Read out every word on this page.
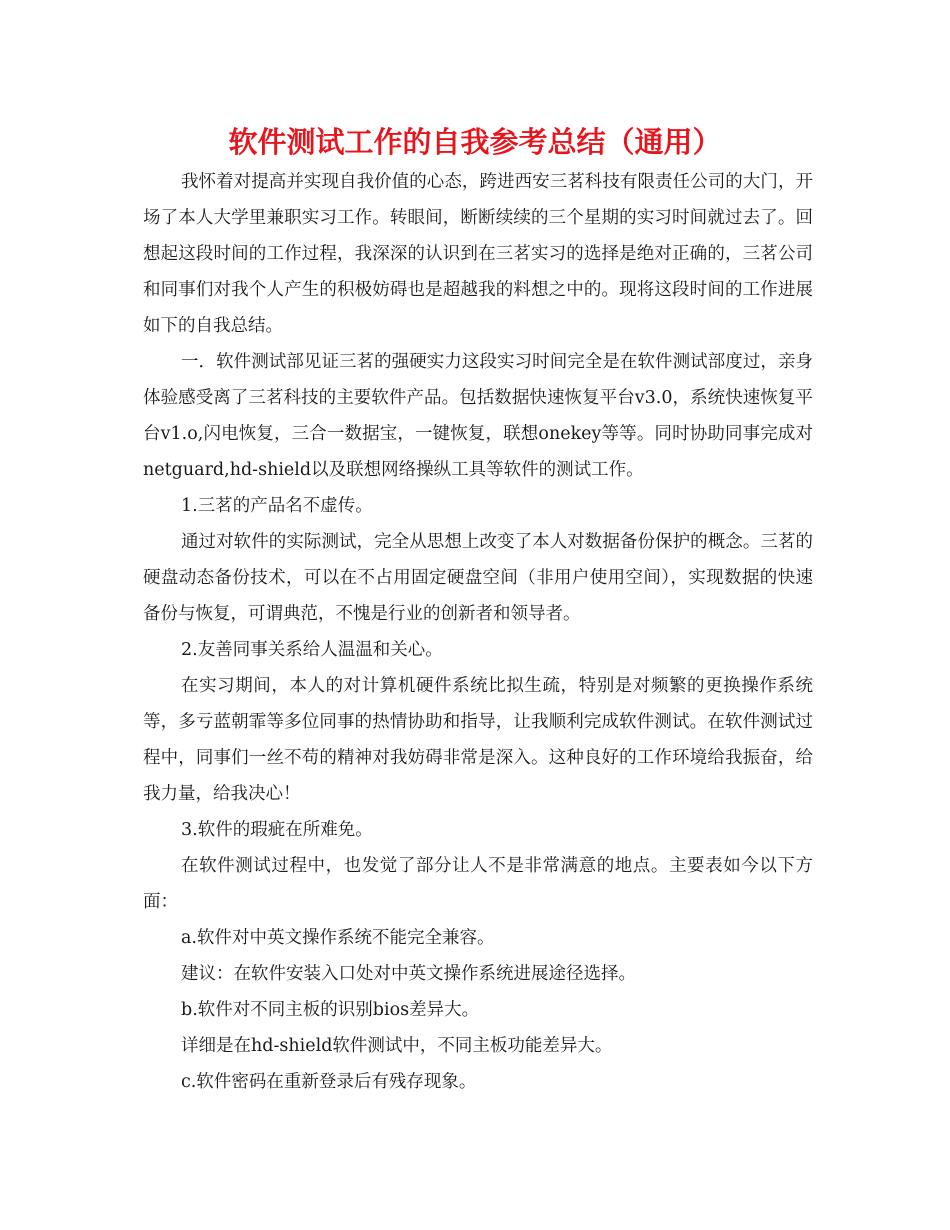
软件测试工作的自我参考总结（通用）

我怀着对提高并实现自我价值的心态，跨进西安三茗科技有限责任公司的大门，开场了本人大学里兼职实习工作。转眼间，断断续续的三个星期的实习时间就过去了。回想起这段时间的工作过程，我深深的认识到在三茗实习的选择是绝对正确的，三茗公司和同事们对我个人产生的积极妨碍也是超越我的料想之中的。现将这段时间的工作进展如下的自我总结。

一．软件测试部见证三茗的强硬实力这段实习时间完全是在软件测试部度过，亲身体验感受离了三茗科技的主要软件产品。包括数据快速恢复平台v3.0，系统快速恢复平台v1.o,闪电恢复，三合一数据宝，一键恢复，联想onekey等等。同时协助同事完成对netguard,hd-shield以及联想网络操纵工具等软件的测试工作。

1.三茗的产品名不虚传。

通过对软件的实际测试，完全从思想上改变了本人对数据备份保护的概念。三茗的硬盘动态备份技术，可以在不占用固定硬盘空间（非用户使用空间），实现数据的快速备份与恢复，可谓典范，不愧是行业的创新者和领导者。

2.友善同事关系给人温温和关心。

在实习期间，本人的对计算机硬件系统比拟生疏，特别是对频繁的更换操作系统等，多亏蓝朝霏等多位同事的热情协助和指导，让我顺利完成软件测试。在软件测试过程中，同事们一丝不苟的精神对我妨碍非常是深入。这种良好的工作环境给我振奋，给我力量，给我决心！

3.软件的瑕疵在所难免。

在软件测试过程中，也发觉了部分让人不是非常满意的地点。主要表如今以下方面：

a.软件对中英文操作系统不能完全兼容。

建议：在软件安装入口处对中英文操作系统进展途径选择。

b.软件对不同主板的识别bios差异大。

详细是在hd-shield软件测试中，不同主板功能差异大。

c.软件密码在重新登录后有残存现象。
